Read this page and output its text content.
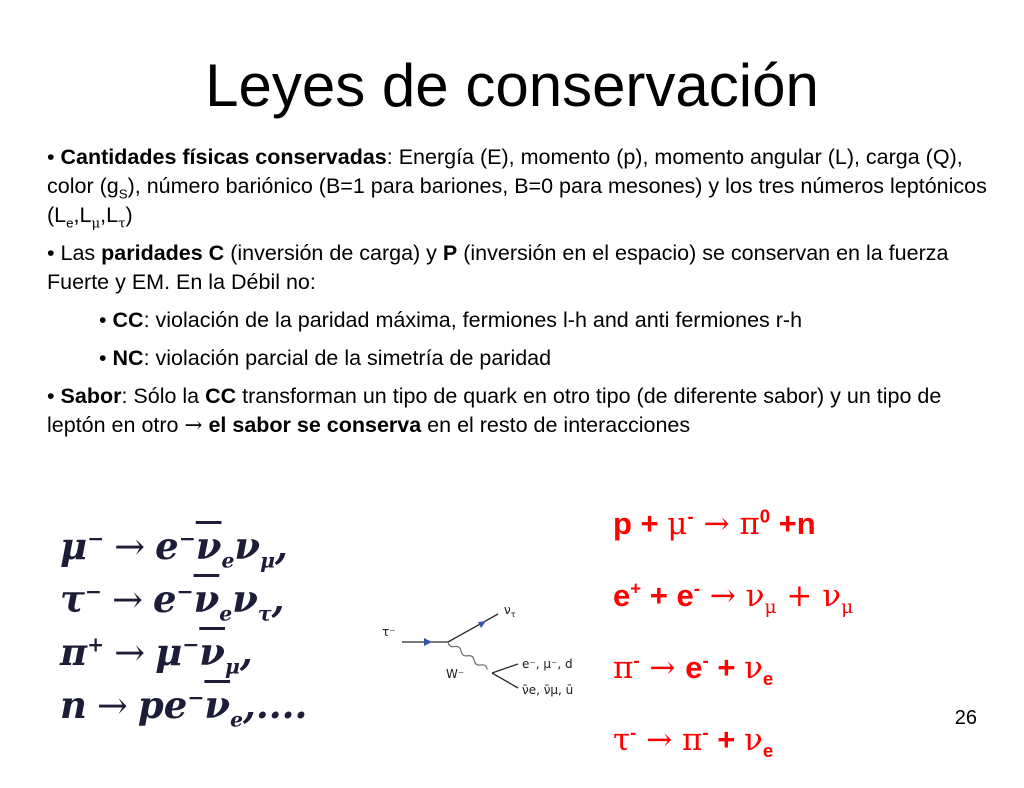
Leyes de conservación

• Cantidades físicas conservadas: Energía (E), momento (p), momento angular (L), carga (Q), color $(g_S)$, número bariónico (B=1 para bariones, B=0 para mesones) y los tres números leptónicos $(L_e,L_\mu,L_\tau)$

• Las paridades C (inversión de carga) y P (inversión en el espacio) se conservan en la fuerza Fuerte y EM. En la Débil no:

• CC: violación de la paridad máxima, fermiones l-h and anti fermiones r-h

• NC: violación parcial de la simetría de paridad

• Sabor: Sólo la CC transforman un tipo de quark en otro tipo (de diferente sabor) y un tipo de leptón en otro → el sabor se conserva en el resto de interacciones

$\mu^- \to e^-\overline{\nu}_e\nu_\mu$,
$\tau^- \to e^-\overline{\nu}_e\nu_\tau$,
$\pi^+ \to \mu^-\overline{\nu}_\mu$,
$n \to pe^-\overline{\nu}_e$,....
τ⁻
$\nu_\tau$
W⁻
e⁻, μ⁻, d
ν̄e, ν̄μ, ū
$p + \mu^- \to \pi^0 +n$
$e^+ + e^- \to \nu_\mu + \nu_\mu$
$\pi^- \to e^- + \nu_e$
$\tau^- \to \pi^- + \nu_e$
26
